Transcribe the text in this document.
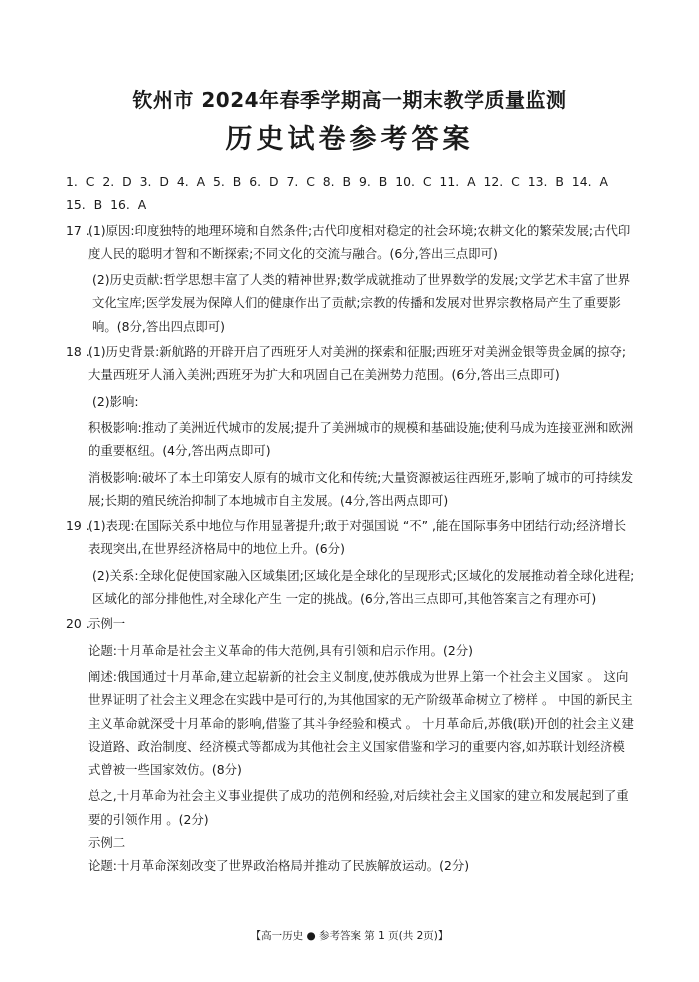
钦州市 2024年春季学期高一期末教学质量监测
历史试卷参考答案
1. C 2. D 3. D 4. A 5. B 6. D 7. C 8. B 9. B 10. C 11. A 12. C 13. B 14. A
15. B 16. A
17 .
(1)原因:印度独特的地理环境和自然条件;古代印度相对稳定的社会环境;农耕文化的繁荣发展;古代印度人民的聪明才智和不断探索;不同文化的交流与融合。(6分,答出三点即可)
(2)历史贡献:哲学思想丰富了人类的精神世界;数学成就推动了世界数学的发展;文学艺术丰富了世界文化宝库;医学发展为保障人们的健康作出了贡献;宗教的传播和发展对世界宗教格局产生了重要影响。(8分,答出四点即可)
18 .
(1)历史背景:新航路的开辟开启了西班牙人对美洲的探索和征服;西班牙对美洲金银等贵金属的掠夺;大量西班牙人涌入美洲;西班牙为扩大和巩固自己在美洲势力范围。(6分,答出三点即可)
(2)影响:
积极影响:推动了美洲近代城市的发展;提升了美洲城市的规模和基础设施;使利马成为连接亚洲和欧洲的重要枢纽。(4分,答出两点即可)
消极影响:破坏了本土印第安人原有的城市文化和传统;大量资源被运往西班牙,影响了城市的可持续发展;长期的殖民统治抑制了本地城市自主发展。(4分,答出两点即可)
19 .
(1)表现:在国际关系中地位与作用显著提升;敢于对强国说 “不” ,能在国际事务中团结行动;经济增长表现突出,在世界经济格局中的地位上升。(6分)
(2)关系:全球化促使国家融入区域集团;区域化是全球化的呈现形式;区域化的发展推动着全球化进程;区域化的部分排他性,对全球化产生 一定的挑战。(6分,答出三点即可,其他答案言之有理亦可)
20 .
示例一
论题:十月革命是社会主义革命的伟大范例,具有引领和启示作用。(2分)
阐述:俄国通过十月革命,建立起崭新的社会主义制度,使苏俄成为世界上第一个社会主义国家 。 这向世界证明了社会主义理念在实践中是可行的,为其他国家的无产阶级革命树立了榜样 。 中国的新民主主义革命就深受十月革命的影响,借鉴了其斗争经验和模式 。 十月革命后,苏俄(联)开创的社会主义建设道路、政治制度、经济模式等都成为其他社会主义国家借鉴和学习的重要内容,如苏联计划经济模式曾被一些国家效仿。(8分)
总之,十月革命为社会主义事业提供了成功的范例和经验,对后续社会主义国家的建立和发展起到了重要的引领作用 。(2分)
示例二
论题:十月革命深刻改变了世界政治格局并推动了民族解放运动。(2分)
【高一历史 ● 参考答案 第 1 页(共 2页)】
